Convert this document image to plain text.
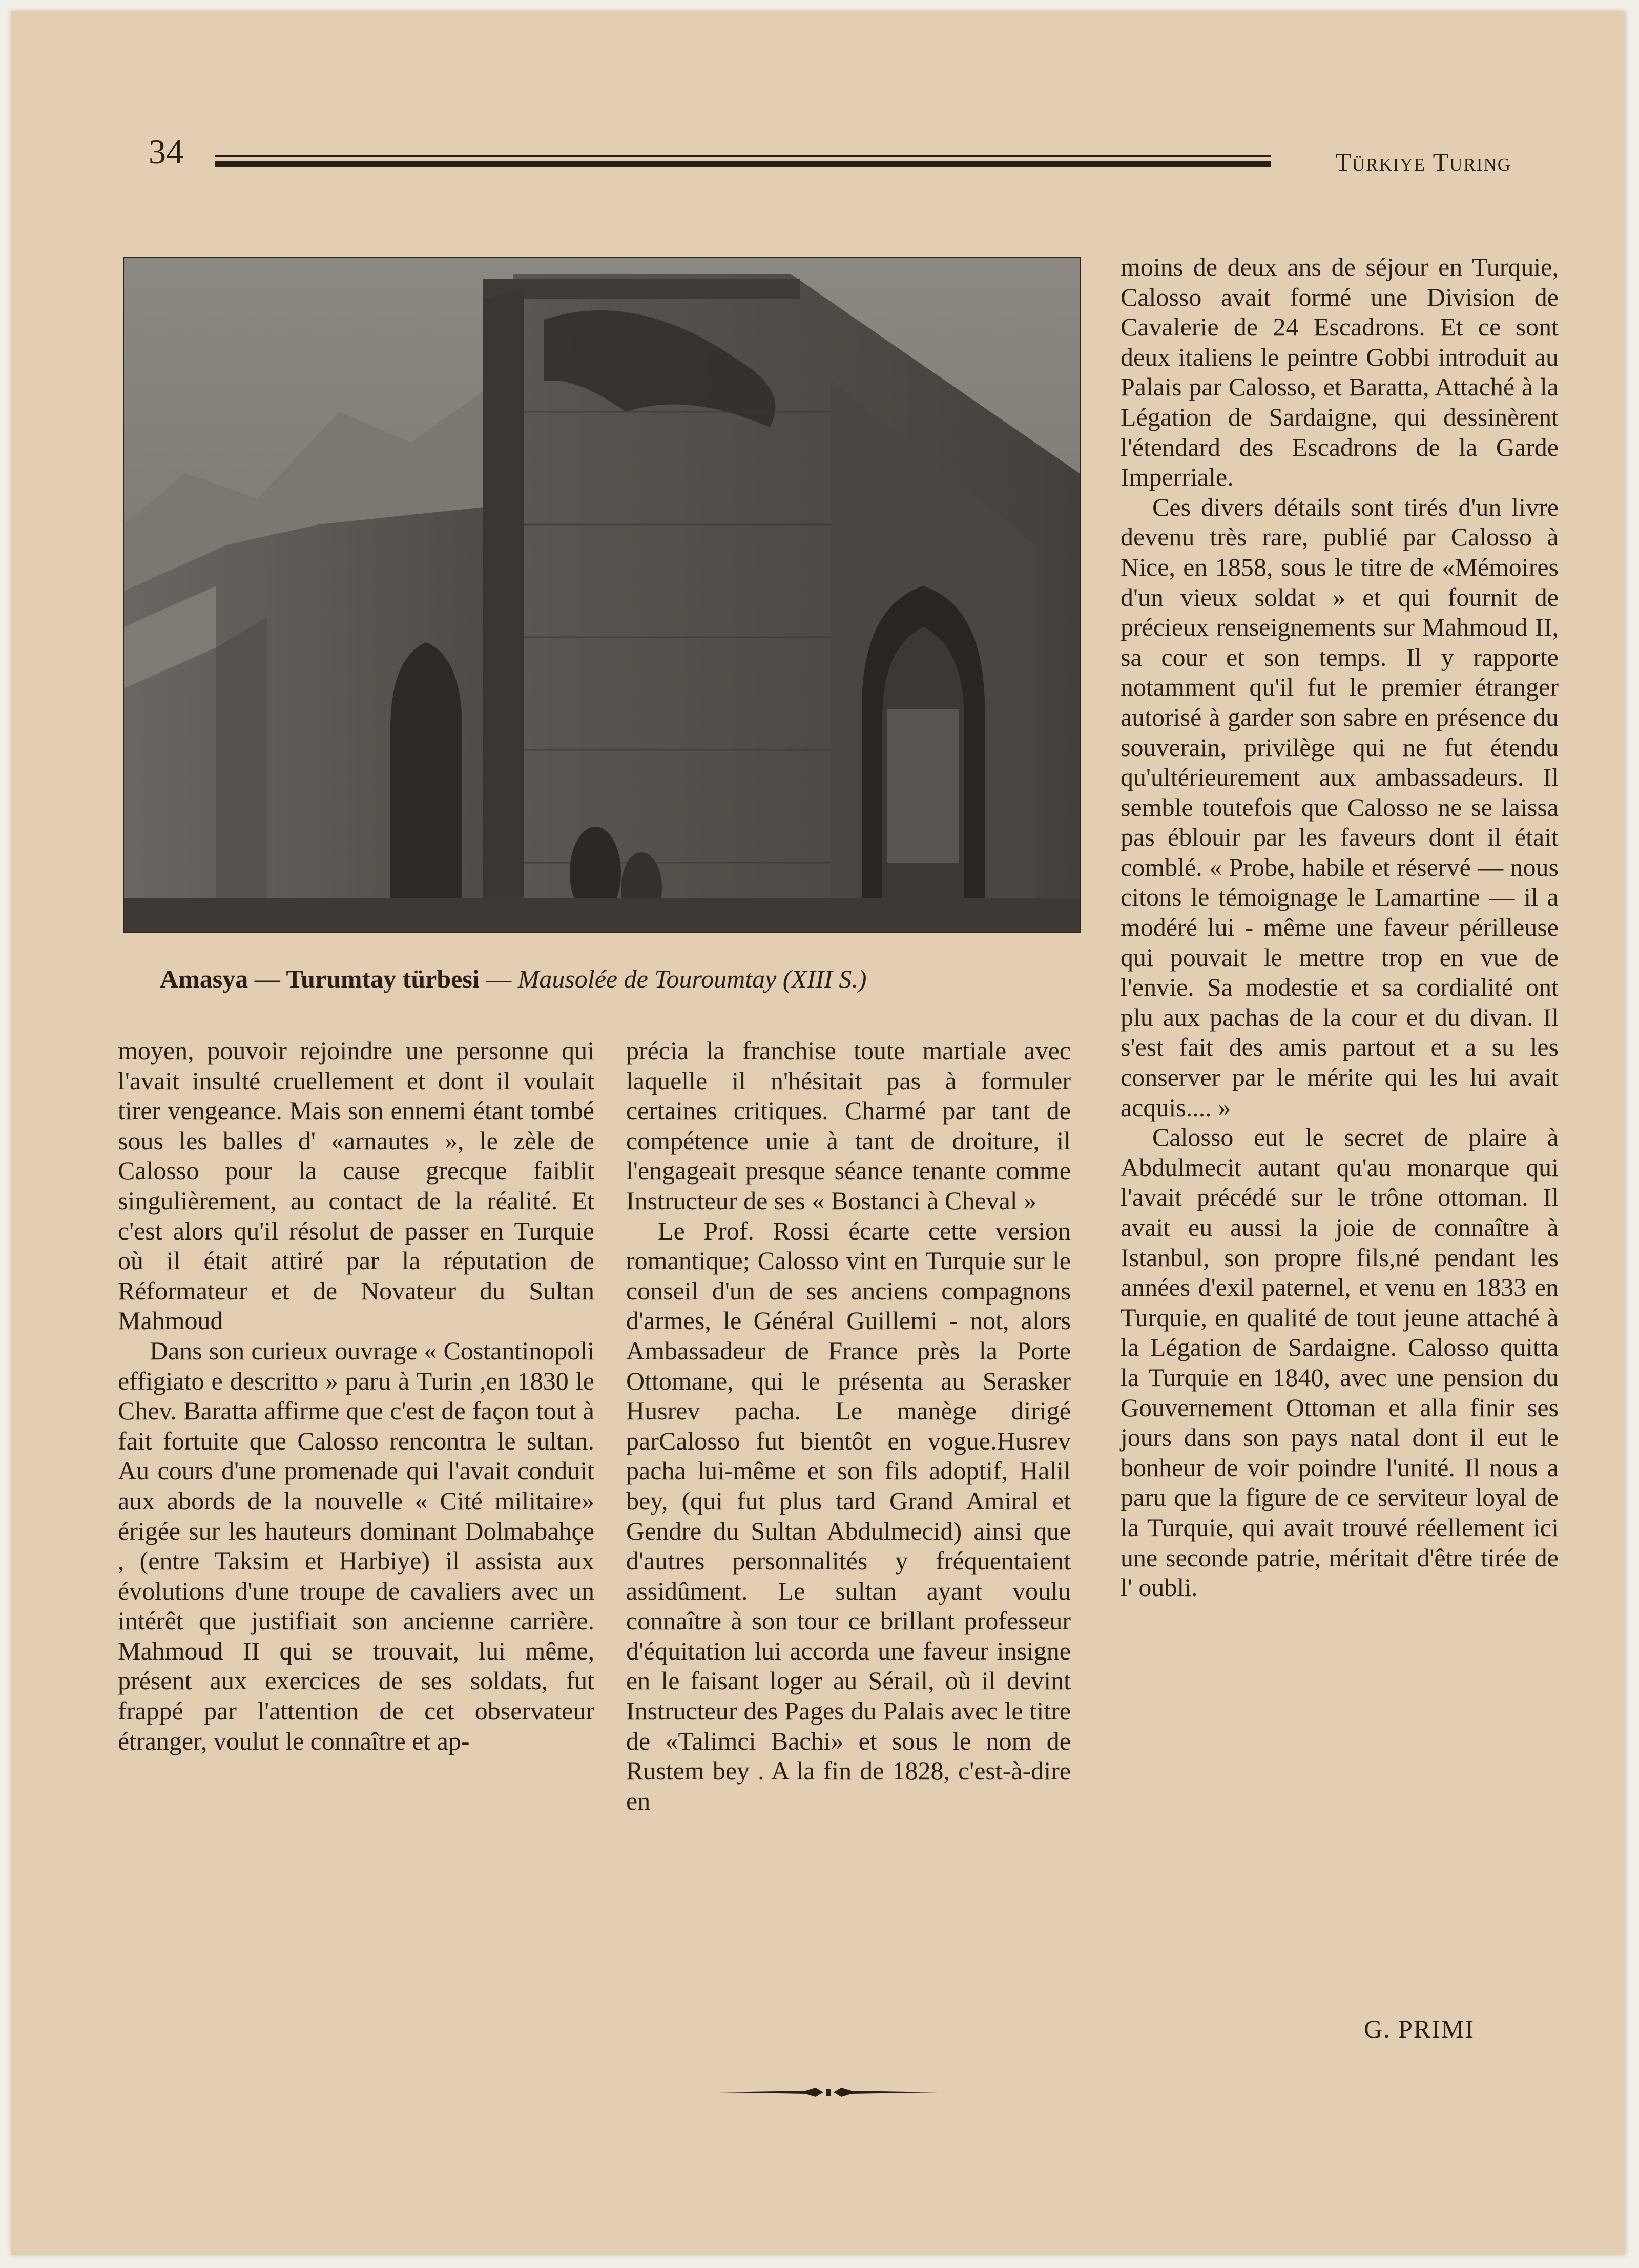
34	Türkiye Turing
Amasya — Turumtay türbesi — Mausolée de Touroumtay (XIII S.)

moyen, pouvoir rejoindre une personne qui l'avait insulté cruellement et dont il voulait tirer vengeance. Mais son ennemi étant tombé sous les balles d' «arnautes », le zèle de Calosso pour la cause grecque faiblit singulièrement, au contact de la réalité. Et c'est alors qu'il résolut de passer en Turquie où il était attiré par la réputation de Réformateur et de Novateur du Sultan Mahmoud

Dans son curieux ouvrage « Costantinopoli effigiato e descritto » paru à Turin ,en 1830 le Chev. Baratta affirme que c'est de façon tout à fait fortuite que Calosso rencontra le sultan. Au cours d'une promenade qui l'avait conduit aux abords de la nouvelle « Cité militaire» érigée sur les hauteurs dominant Dolmabahçe , (entre Taksim et Harbiye) il assista aux évolutions d'une troupe de cavaliers avec un intérêt que justifiait son ancienne carrière. Mahmoud II qui se trouvait, lui même, présent aux exercices de ses soldats, fut frappé par l'attention de cet observateur étranger, voulut le connaître et ap-

précia la franchise toute martiale avec laquelle il n'hésitait pas à formuler certaines critiques. Charmé par tant de compétence unie à tant de droiture, il l'engageait presque séance tenante comme Instructeur de ses « Bostanci à Cheval »

Le Prof. Rossi écarte cette version romantique; Calosso vint en Turquie sur le conseil d'un de ses anciens compagnons d'armes, le Général Guillemi - not, alors Ambassadeur de France près la Porte Ottomane, qui le présenta au Serasker Husrev pacha. Le manège dirigé parCalosso fut bientôt en vogue.Husrev pacha lui-même et son fils adoptif, Halil bey, (qui fut plus tard Grand Amiral et Gendre du Sultan Abdulmecid) ainsi que d'autres personnalités y fréquentaient assidûment. Le sultan ayant voulu connaître à son tour ce brillant professeur d'équitation lui accorda une faveur insigne en le faisant loger au Sérail, où il devint Instructeur des Pages du Palais avec le titre de «Talimci Bachi» et sous le nom de Rustem bey . A la fin de 1828, c'est-à-dire en

moins de deux ans de séjour en Turquie, Calosso avait formé une Division de Cavalerie de 24 Escadrons. Et ce sont deux italiens le peintre Gobbi introduit au Palais par Calosso, et Baratta, Attaché à la Légation de Sardaigne, qui dessinèrent l'étendard des Escadrons de la Garde Imperriale.

Ces divers détails sont tirés d'un livre devenu très rare, publié par Calosso à Nice, en 1858, sous le titre de «Mémoires d'un vieux soldat » et qui fournit de précieux renseignements sur Mahmoud II, sa cour et son temps. Il y rapporte notamment qu'il fut le premier étranger autorisé à garder son sabre en présence du souverain, privilège qui ne fut étendu qu'ultérieurement aux ambassadeurs. Il semble toutefois que Calosso ne se laissa pas éblouir par les faveurs dont il était comblé. « Probe, habile et réservé — nous citons le témoignage le Lamartine — il a modéré lui - même une faveur périlleuse qui pouvait le mettre trop en vue de l'envie. Sa modestie et sa cordialité ont plu aux pachas de la cour et du divan. Il s'est fait des amis partout et a su les conserver par le mérite qui les lui avait acquis.... »

Calosso eut le secret de plaire à Abdulmecit autant qu'au monarque qui l'avait précédé sur le trône ottoman. Il avait eu aussi la joie de connaître à Istanbul, son propre fils,né pendant les années d'exil paternel, et venu en 1833 en Turquie, en qualité de tout jeune attaché à la Légation de Sardaigne. Calosso quitta la Turquie en 1840, avec une pension du Gouvernement Ottoman et alla finir ses jours dans son pays natal dont il eut le bonheur de voir poindre l'unité. Il nous a paru que la figure de ce serviteur loyal de la Turquie, qui avait trouvé réellement ici une seconde patrie, méritait d'être tirée de l' oubli.

G. PRIMI
